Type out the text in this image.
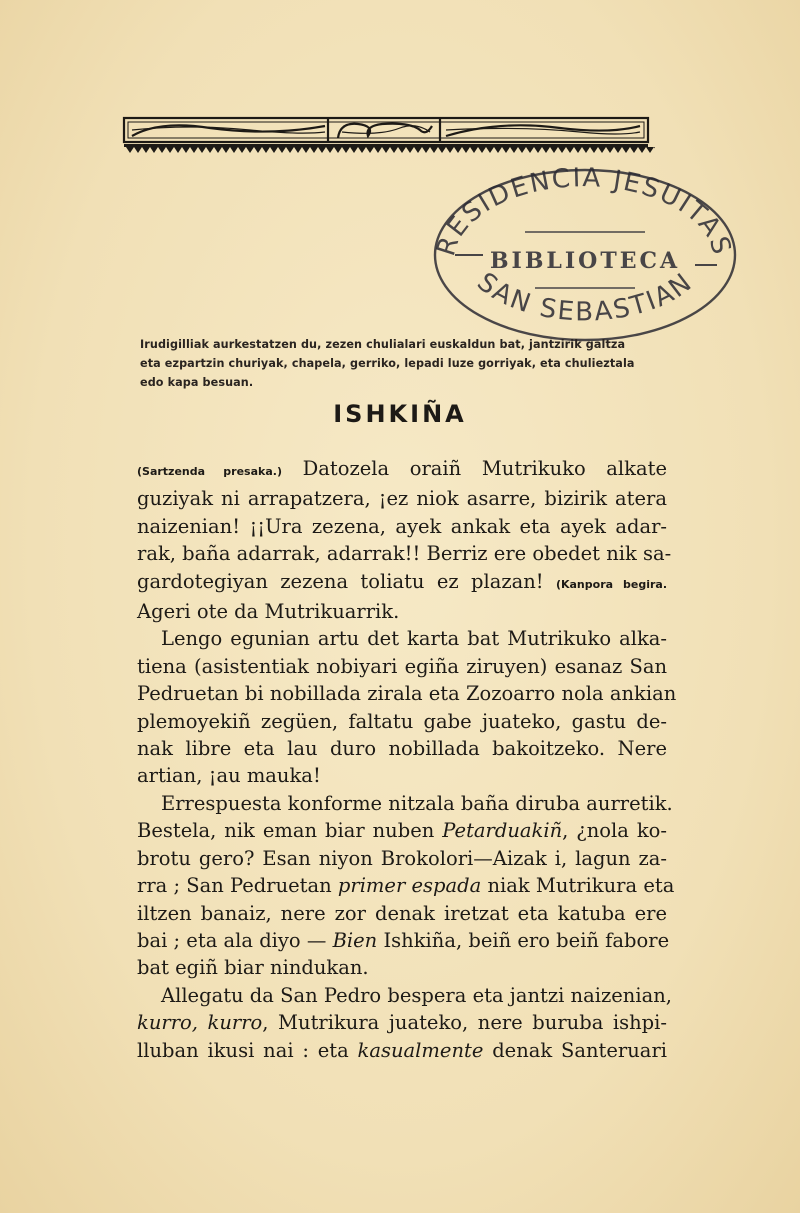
RESIDENCIA JESUITAS
BIBLIOTECA
SAN SEBASTIAN
Irudigilliak aurkestatzen du, zezen chulialari euskaldun bat, jantzirik galtza
eta ezpartzin churiyak, chapela, gerriko, lepadi luze gorriyak, eta chulieztala
edo kapa besuan.
ISHKIÑA
(Sartzenda presaka.) Datozela oraiñ Mutrikuko alkate
guziyak ni arrapatzera, ¡ez niok asarre, bizirik atera
naizenian! ¡¡Ura zezena, ayek ankak eta ayek adar-
rak, baña adarrak, adarrak!! Berriz ere obedet nik sa-
gardotegiyan zezena toliatu ez plazan! (Kanpora begira.
Ageri ote da Mutrikuarrik.
Lengo egunian artu det karta bat Mutrikuko alka-
tiena (asistentiak nobiyari egiña ziruyen) esanaz San
Pedruetan bi nobillada zirala eta Zozoarro nola ankian
plemoyekiñ zegüen, faltatu gabe juateko, gastu de-
nak libre eta lau duro nobillada bakoitzeko. Nere
artian, ¡au mauka!
Errespuesta konforme nitzala baña diruba aurretik.
Bestela, nik eman biar nuben Petarduakiñ, ¿nola ko-
brotu gero? Esan niyon Brokolori—Aizak i, lagun za-
rra ; San Pedruetan primer espada niak Mutrikura eta
iltzen banaiz, nere zor denak iretzat eta katuba ere
bai ; eta ala diyo — Bien Ishkiña, beiñ ero beiñ fabore
bat egiñ biar nindukan.
Allegatu da San Pedro bespera eta jantzi naizenian,
kurro, kurro, Mutrikura juateko, nere buruba ishpi-
lluban ikusi nai : eta kasualmente denak Santeruari
